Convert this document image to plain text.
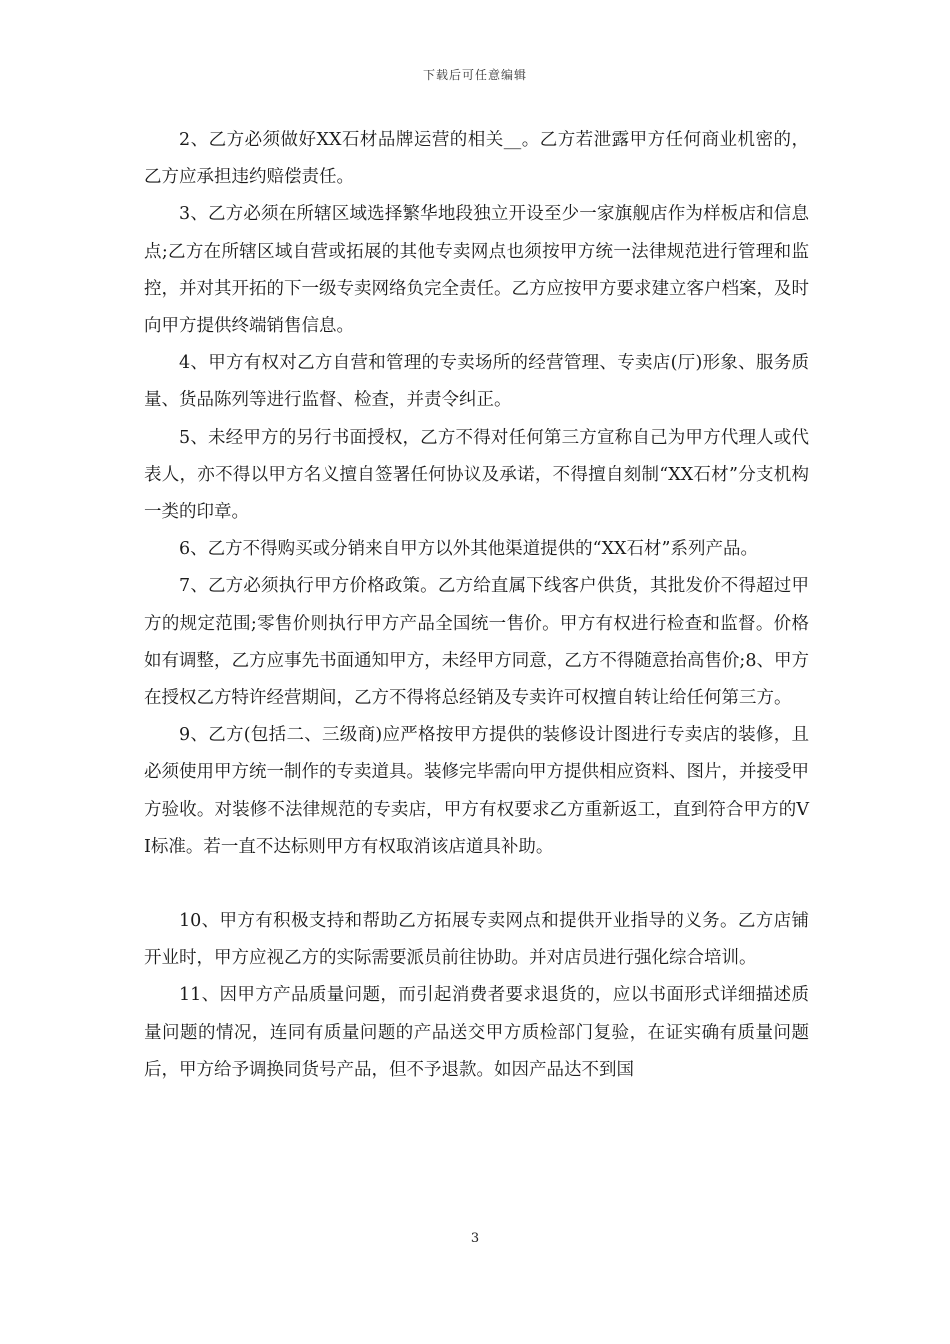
下载后可任意编辑

2、乙方必须做好XX石材品牌运营的相关__。乙方若泄露甲方任何商业机密的，乙方应承担违约赔偿责任。

3、乙方必须在所辖区域选择繁华地段独立开设至少一家旗舰店作为样板店和信息点;乙方在所辖区域自营或拓展的其他专卖网点也须按甲方统一法律规范进行管理和监控，并对其开拓的下一级专卖网络负完全责任。乙方应按甲方要求建立客户档案，及时向甲方提供终端销售信息。

4、甲方有权对乙方自营和管理的专卖场所的经营管理、专卖店(厅)形象、服务质量、货品陈列等进行监督、检查，并责令纠正。

5、未经甲方的另行书面授权，乙方不得对任何第三方宣称自己为甲方代理人或代表人，亦不得以甲方名义擅自签署任何协议及承诺，不得擅自刻制“XX石材”分支机构一类的印章。

6、乙方不得购买或分销来自甲方以外其他渠道提供的“XX石材”系列产品。

7、乙方必须执行甲方价格政策。乙方给直属下线客户供货，其批发价不得超过甲方的规定范围;零售价则执行甲方产品全国统一售价。甲方有权进行检查和监督。价格如有调整，乙方应事先书面通知甲方，未经甲方同意，乙方不得随意抬高售价;8、甲方在授权乙方特许经营期间，乙方不得将总经销及专卖许可权擅自转让给任何第三方。

9、乙方(包括二、三级商)应严格按甲方提供的装修设计图进行专卖店的装修，且必须使用甲方统一制作的专卖道具。装修完毕需向甲方提供相应资料、图片，并接受甲方验收。对装修不法律规范的专卖店，甲方有权要求乙方重新返工，直到符合甲方的VI标准。若一直不达标则甲方有权取消该店道具补助。

10、甲方有积极支持和帮助乙方拓展专卖网点和提供开业指导的义务。乙方店铺开业时，甲方应视乙方的实际需要派员前往协助。并对店员进行强化综合培训。

11、因甲方产品质量问题，而引起消费者要求退货的，应以书面形式详细描述质量问题的情况，连同有质量问题的产品送交甲方质检部门复验，在证实确有质量问题后，甲方给予调换同货号产品，但不予退款。如因产品达不到国

3
